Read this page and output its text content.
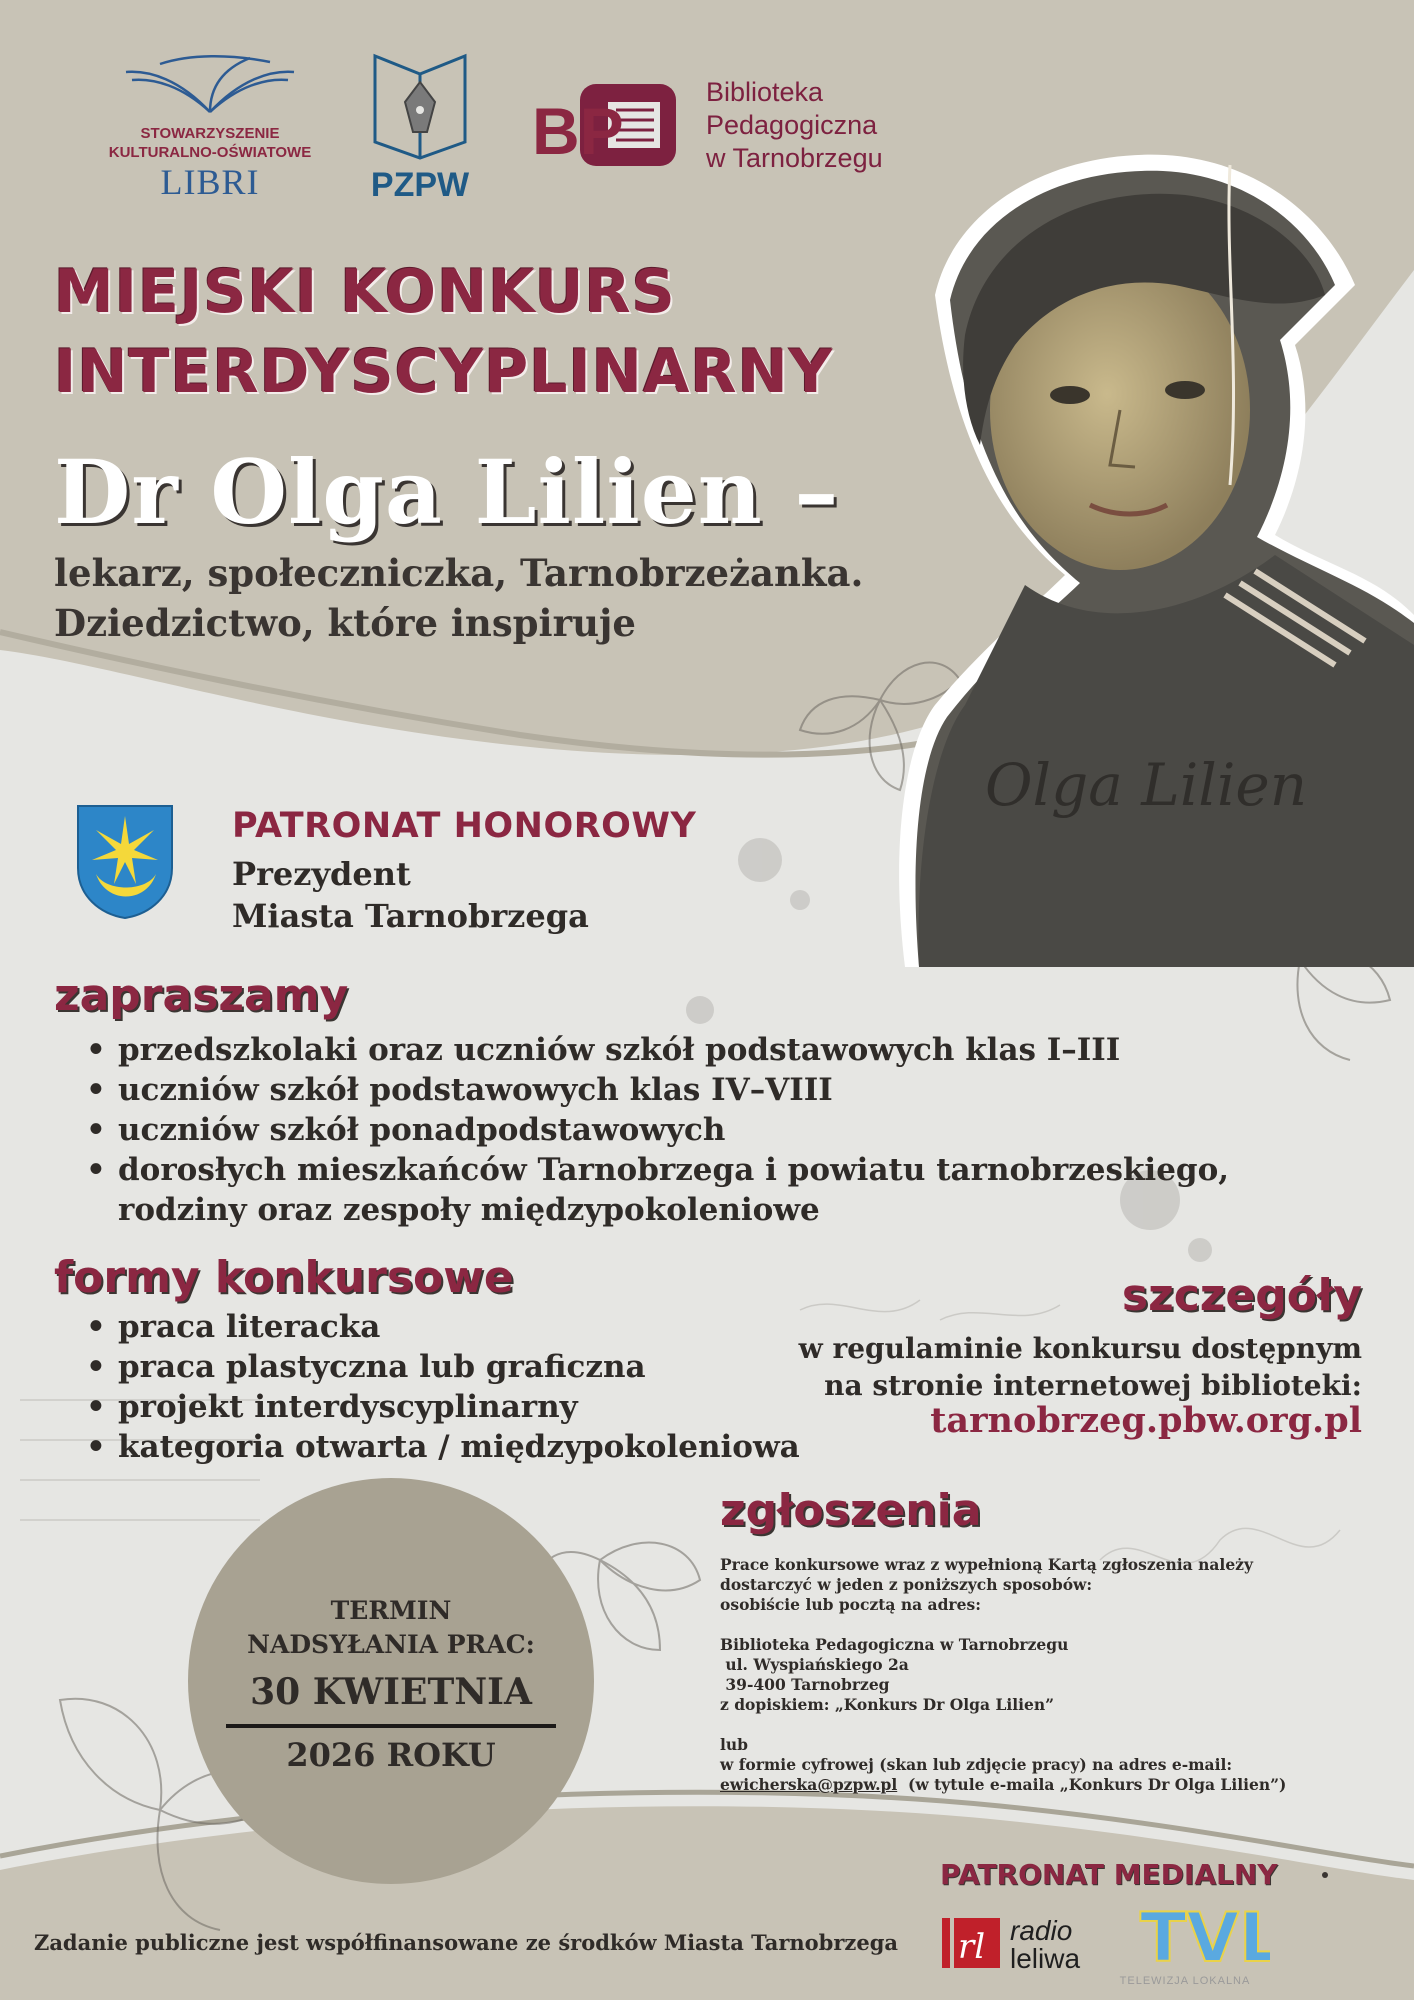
STOWARZYSZENIE
KULTURALNO-OŚWIATOWE
LIBRI	PZPW
BP
Biblioteka
Pedagogiczna
w Tarnobrzegu
MIEJSKI KONKURS
INTERDYSCYPLINARNY
Dr Olga Lilien –
lekarz, społeczniczka, Tarnobrzeżanka.
Dziedzictwo, które inspiruje
Olga Lilien
PATRONAT HONOROWY
Prezydent
Miasta Tarnobrzega
zapraszamy
• przedszkolaki oraz uczniów szkół podstawowych klas I–III
• uczniów szkół podstawowych klas IV–VIII
• uczniów szkół ponadpodstawowych
• dorosłych mieszkańców Tarnobrzega i powiatu tarnobrzeskiego, rodziny oraz zespoły międzypokoleniowe
formy konkursowe
• praca literacka
• praca plastyczna lub graficzna
• projekt interdyscyplinarny
• kategoria otwarta / międzypokoleniowa
szczegóły
w regulaminie konkursu dostępnym
na stronie internetowej biblioteki:
tarnobrzeg.pbw.org.pl
TERMIN
NADSYŁANIA PRAC:
30 KWIETNIA
2026 ROKU
zgłoszenia
Prace konkursowe wraz z wypełnioną Kartą zgłoszenia należy
dostarczyć w jeden z poniższych sposobów:
osobiście lub pocztą na adres:
Biblioteka Pedagogiczna w Tarnobrzegu
ul. Wyspiańskiego 2a
39-400 Tarnobrzeg
z dopiskiem: „Konkurs Dr Olga Lilien”
lub
w formie cyfrowej (skan lub zdjęcie pracy) na adres e-mail:
ewicherska@pzpw.pl  (w tytule e-maila „Konkurs Dr Olga Lilien”)
PATRONAT MEDIALNY
rl radio
leliwa TVL
TELEWIZJA LOKALNA
Zadanie publiczne jest współfinansowane ze środków Miasta Tarnobrzega
